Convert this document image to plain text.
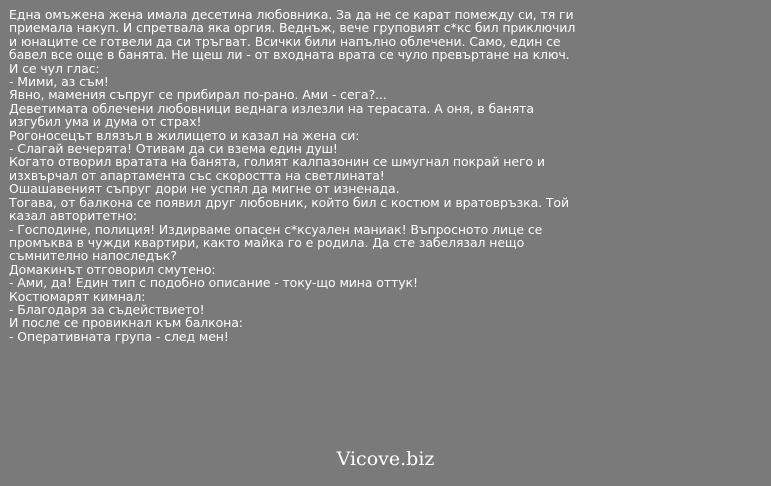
Една омъжена жена имала десетина любовника. За да не се карат помежду си, тя ги
приемала накуп. И спретвала яка оргия. Веднъж, вече груповият с*кс бил приключил
и юнаците се готвели да си тръгват. Всички били напълно облечени. Само, един се
бавел все още в банята. Не щеш ли - от входната врата се чуло превъртане на ключ.
И се чул глас:
- Мими, аз съм!
Явно, мамения съпруг се прибирал по-рано. Ами - сега?...
Деветимата облечени любовници веднага излезли на терасата. А оня, в банята
изгубил ума и дума от страх!
Рогоносецът влязъл в жилището и казал на жена си:
- Слагай вечерята! Отивам да си взема един душ!
Когато отворил вратата на банята, голият калпазонин се шмугнал покрай него и
изхвърчал от апартамента със скоростта на светлината!
Ошашавеният съпруг дори не успял да мигне от изненада.
Тогава, от балкона се появил друг любовник, който бил с костюм и вратовръзка. Той
казал авторитетно:
- Господине, полиция! Издирваме опасен с*ксуален маниак! Въпросното лице се
промъква в чужди квартири, както майка го е родила. Да сте забелязал нещо
съмнително напоследък?
Домакинът отговорил смутено:
- Ами, да! Един тип с подобно описание - току-що мина оттук!
Костюмарят кимнал:
- Благодаря за съдействието!
И после се провикнал към балкона:
- Оперативната група - след мен!
Vicove.biz
